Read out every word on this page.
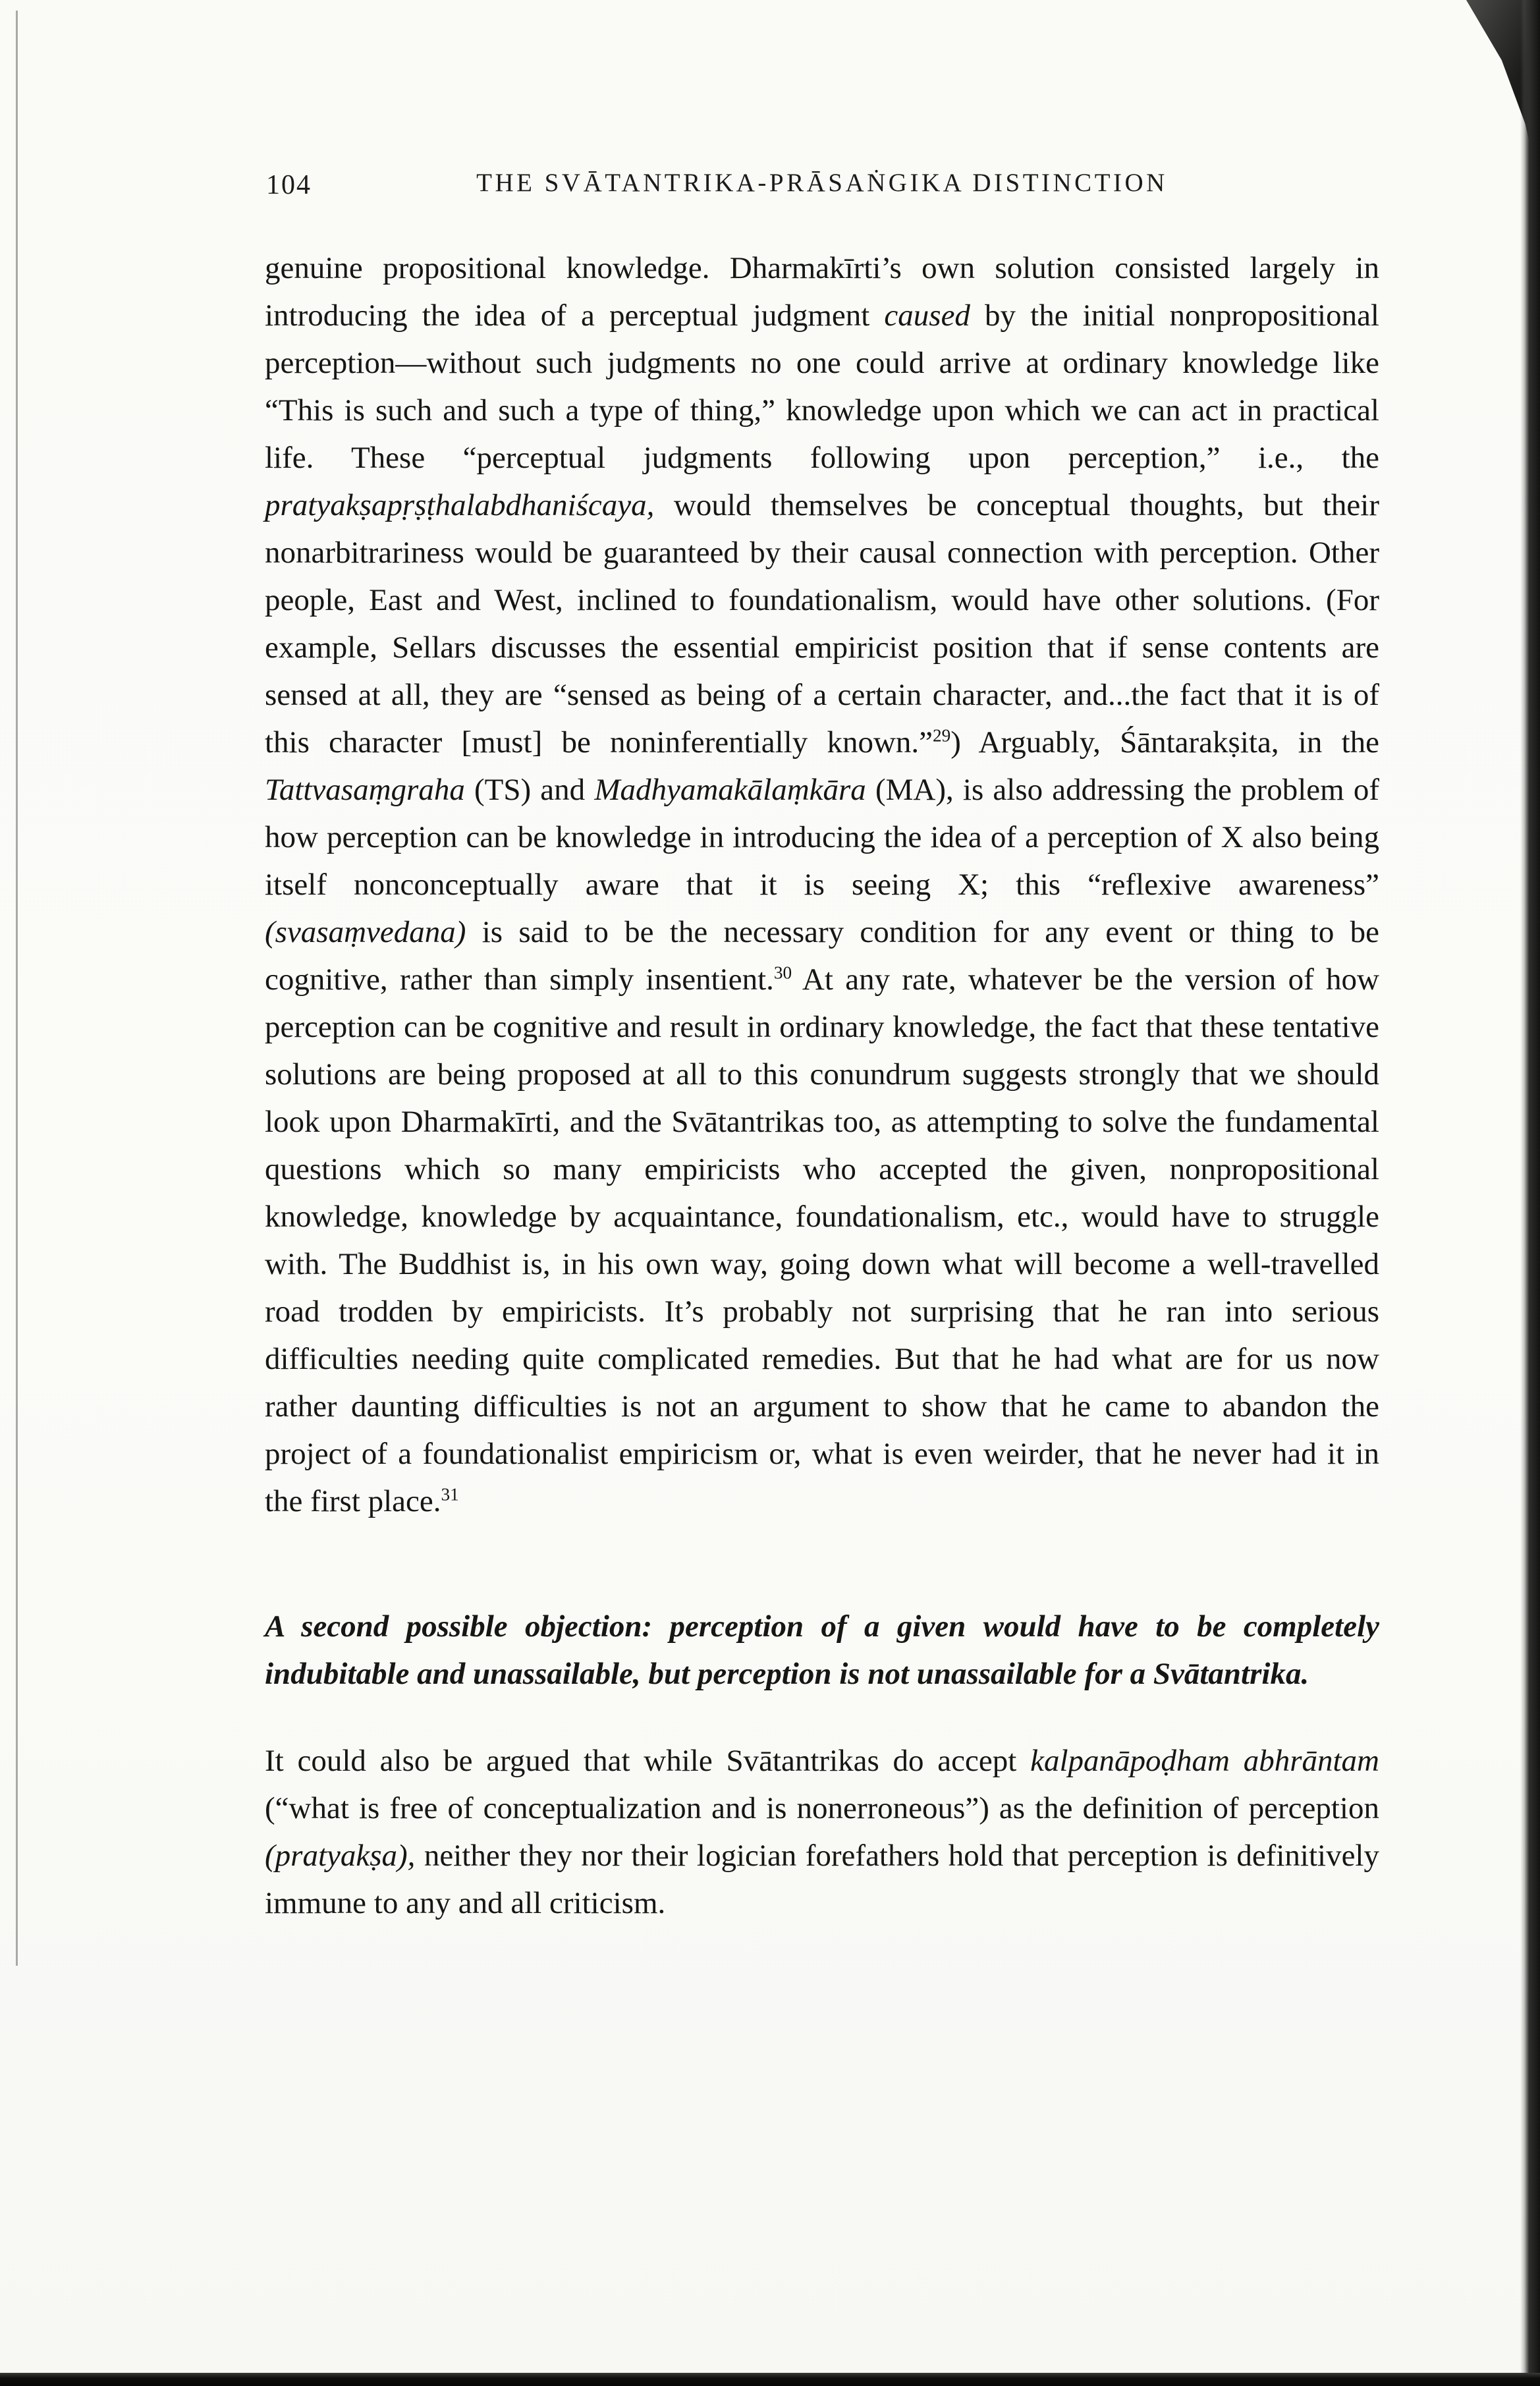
104	THE SVĀTANTRIKA-PRĀSAṄGIKA DISTINCTION

genuine propositional knowledge. Dharmakīrti’s own solution consisted largely in introducing the idea of a perceptual judgment caused by the initial nonpropositional perception—without such judgments no one could arrive at ordinary knowledge like “This is such and such a type of thing,” knowledge upon which we can act in practical life. These “perceptual judgments following upon perception,” i.e., the pratyakṣapṛṣṭhalabdhaniścaya, would themselves be conceptual thoughts, but their nonarbitrariness would be guaranteed by their causal connection with perception. Other people, East and West, inclined to foundationalism, would have other solutions. (For example, Sellars discusses the essential empiricist position that if sense contents are sensed at all, they are “sensed as being of a certain character, and...the fact that it is of this character [must] be noninferentially known.”$^{29}$) Arguably, Śāntarakṣita, in the Tattvasaṃgraha (TS) and Madhyamakālaṃkāra (MA), is also addressing the problem of how perception can be knowledge in introducing the idea of a perception of X also being itself nonconceptually aware that it is seeing X; this “reflexive awareness” (svasaṃvedana) is said to be the necessary condition for any event or thing to be cognitive, rather than simply insentient.$^{30}$ At any rate, whatever be the version of how perception can be cognitive and result in ordinary knowledge, the fact that these tentative solutions are being proposed at all to this conundrum suggests strongly that we should look upon Dharmakīrti, and the Svātantrikas too, as attempting to solve the fundamental questions which so many empiricists who accepted the given, nonpropositional knowledge, knowledge by acquaintance, foundationalism, etc., would have to struggle with. The Buddhist is, in his own way, going down what will become a well-travelled road trodden by empiricists. It’s probably not surprising that he ran into serious difficulties needing quite complicated remedies. But that he had what are for us now rather daunting difficulties is not an argument to show that he came to abandon the project of a foundationalist empiricism or, what is even weirder, that he never had it in the first place.$^{31}$

A second possible objection: perception of a given would have to be completely indubitable and unassailable, but perception is not unassailable for a Svātantrika.

It could also be argued that while Svātantrikas do accept kalpanāpoḍham abhrāntam (“what is free of conceptualization and is nonerroneous”) as the definition of perception (pratyakṣa), neither they nor their logician forefathers hold that perception is definitively immune to any and all criticism.
